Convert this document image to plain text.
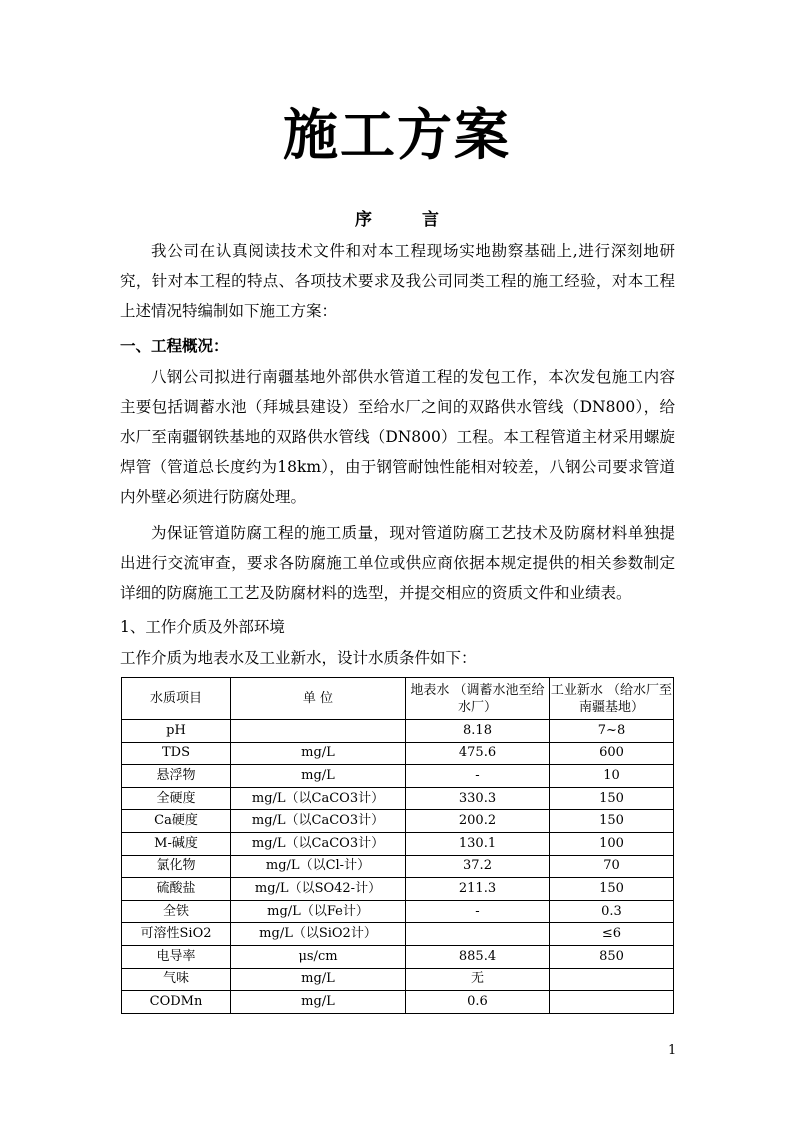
施工方案
序 言
我公司在认真阅读技术文件和对本工程现场实地勘察基础上,进行深刻地研究，针对本工程的特点、各项技术要求及我公司同类工程的施工经验，对本工程上述情况特编制如下施工方案：
一、工程概况：
八钢公司拟进行南疆基地外部供水管道工程的发包工作，本次发包施工内容主要包括调蓄水池（拜城县建设）至给水厂之间的双路供水管线（DN800），给水厂至南疆钢铁基地的双路供水管线（DN800）工程。本工程管道主材采用螺旋焊管（管道总长度约为18km），由于钢管耐蚀性能相对较差，八钢公司要求管道内外壁必须进行防腐处理。
为保证管道防腐工程的施工质量，现对管道防腐工艺技术及防腐材料单独提出进行交流审查，要求各防腐施工单位或供应商依据本规定提供的相关参数制定详细的防腐施工工艺及防腐材料的选型，并提交相应的资质文件和业绩表。
1、工作介质及外部环境
工作介质为地表水及工业新水，设计水质条件如下：
水质项目	单 位	地表水 （调蓄水池至给水厂）	工业新水 （给水厂至南疆基地）
pH		8.18	7~8
TDS	mg/L	475.6	600
悬浮物	mg/L	-	10
全硬度	mg/L（以CaCO3计）	330.3	150
Ca硬度	mg/L（以CaCO3计）	200.2	150
M-碱度	mg/L（以CaCO3计）	130.1	100
氯化物	mg/L（以Cl-计）	37.2	70
硫酸盐	mg/L（以SO42-计）	211.3	150
全铁	mg/L（以Fe计）	-	0.3
可溶性SiO2	mg/L（以SiO2计）		≤6
电导率	μs/cm	885.4	850
气味	mg/L	无	
CODMn	mg/L	0.6	
1
